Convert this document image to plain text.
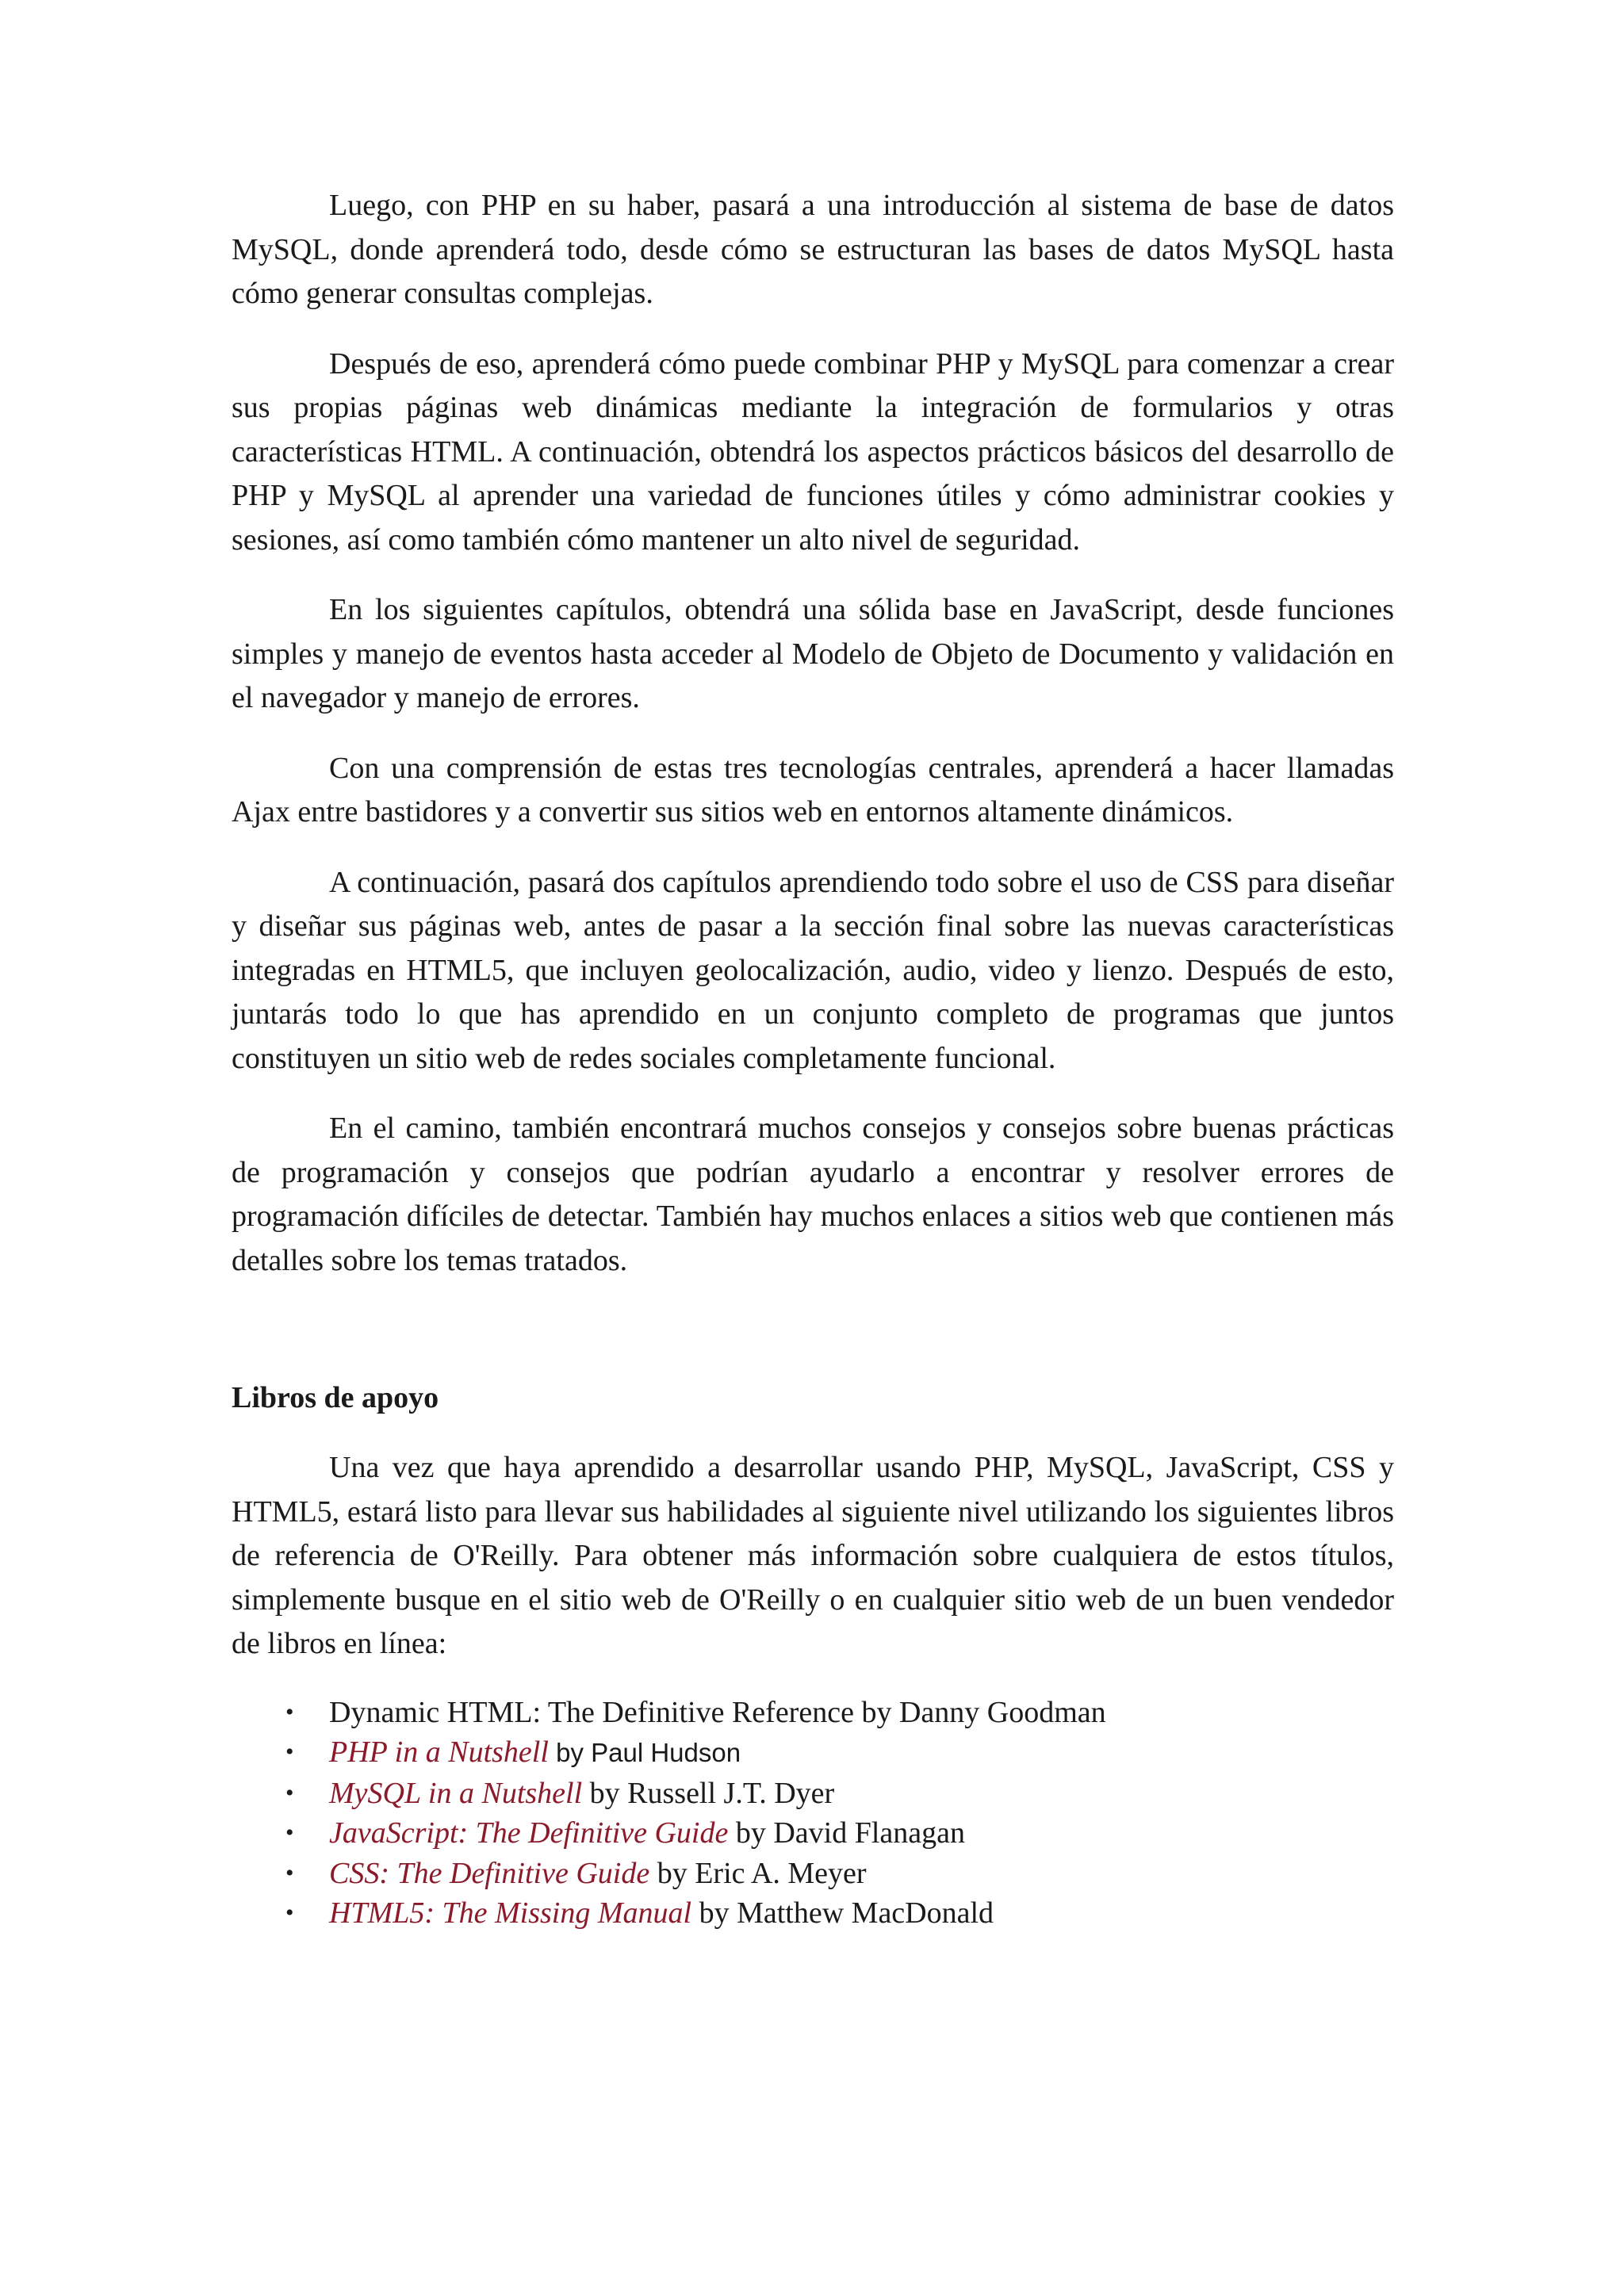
Luego, con PHP en su haber, pasará a una introducción al sistema de base de datos MySQL, donde aprenderá todo, desde cómo se estructuran las bases de datos MySQL hasta cómo generar consultas complejas.

Después de eso, aprenderá cómo puede combinar PHP y MySQL para comenzar a crear sus propias páginas web dinámicas mediante la integración de formularios y otras características HTML. A continuación, obtendrá los aspectos prácticos básicos del desarrollo de PHP y MySQL al aprender una variedad de funciones útiles y cómo administrar cookies y sesiones, así como también cómo mantener un alto nivel de seguridad.

En los siguientes capítulos, obtendrá una sólida base en JavaScript, desde funciones simples y manejo de eventos hasta acceder al Modelo de Objeto de Documento y validación en el navegador y manejo de errores.

Con una comprensión de estas tres tecnologías centrales, aprenderá a hacer llamadas Ajax entre bastidores y a convertir sus sitios web en entornos altamente dinámicos.

A continuación, pasará dos capítulos aprendiendo todo sobre el uso de CSS para diseñar y diseñar sus páginas web, antes de pasar a la sección final sobre las nuevas características integradas en HTML5, que incluyen geolocalización, audio, video y lienzo. Después de esto, juntarás todo lo que has aprendido en un conjunto completo de programas que juntos constituyen un sitio web de redes sociales completamente funcional.

En el camino, también encontrará muchos consejos y consejos sobre buenas prácticas de programación y consejos que podrían ayudarlo a encontrar y resolver errores de programación difíciles de detectar. También hay muchos enlaces a sitios web que contienen más detalles sobre los temas tratados.

Libros de apoyo

Una vez que haya aprendido a desarrollar usando PHP, MySQL, JavaScript, CSS y HTML5, estará listo para llevar sus habilidades al siguiente nivel utilizando los siguientes libros de referencia de O'Reilly. Para obtener más información sobre cualquiera de estos títulos, simplemente busque en el sitio web de O'Reilly o en cualquier sitio web de un buen vendedor de libros en línea:

• Dynamic HTML: The Definitive Reference by Danny Goodman
• PHP in a Nutshell by Paul Hudson
• MySQL in a Nutshell by Russell J.T. Dyer
• JavaScript: The Definitive Guide by David Flanagan
• CSS: The Definitive Guide by Eric A. Meyer
• HTML5: The Missing Manual by Matthew MacDonald
